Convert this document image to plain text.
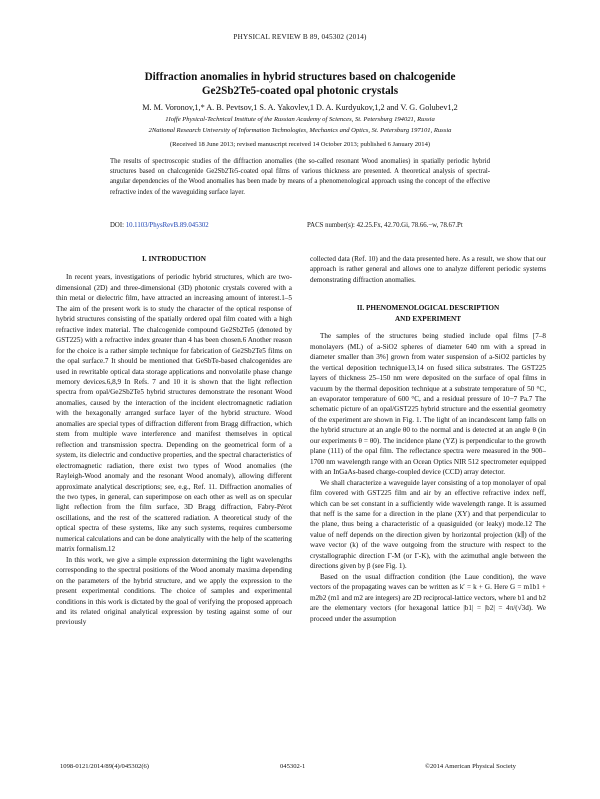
PHYSICAL REVIEW B 89, 045302 (2014)
Diffraction anomalies in hybrid structures based on chalcogenide
Ge2Sb2Te5-coated opal photonic crystals
M. M. Voronov,1,* A. B. Pevtsov,1 S. A. Yakovlev,1 D. A. Kurdyukov,1,2 and V. G. Golubev1,2
1Ioffe Physical-Technical Institute of the Russian Academy of Sciences, St. Petersburg 194021, Russia
2National Research University of Information Technologies, Mechanics and Optics, St. Petersburg 197101, Russia
(Received 18 June 2013; revised manuscript received 14 October 2013; published 6 January 2014)
The results of spectroscopic studies of the diffraction anomalies (the so-called resonant Wood anomalies) in spatially periodic hybrid structures based on chalcogenide Ge2Sb2Te5-coated opal films of various thickness are presented. A theoretical analysis of spectral-angular dependencies of the Wood anomalies has been made by means of a phenomenological approach using the concept of the effective refractive index of the waveguiding surface layer.
DOI: 10.1103/PhysRevB.89.045302	PACS number(s): 42.25.Fx, 42.70.Gi, 78.66.−w, 78.67.Pt
I. INTRODUCTION

In recent years, investigations of periodic hybrid structures, which are two-dimensional (2D) and three-dimensional (3D) photonic crystals covered with a thin metal or dielectric film, have attracted an increasing amount of interest.1–5 The aim of the present work is to study the character of the optical response of hybrid structures consisting of the spatially ordered opal film coated with a high refractive index material. The chalcogenide compound Ge2Sb2Te5 (denoted by GST225) with a refractive index greater than 4 has been chosen.6 Another reason for the choice is a rather simple technique for fabrication of Ge2Sb2Te5 films on the opal surface.7 It should be mentioned that GeSbTe-based chalcogenides are used in rewritable optical data storage applications and nonvolatile phase change memory devices.6,8,9 In Refs. 7 and 10 it is shown that the light reflection spectra from opal/Ge2Sb2Te5 hybrid structures demonstrate the resonant Wood anomalies, caused by the interaction of the incident electromagnetic radiation with the hexagonally arranged surface layer of the hybrid structure. Wood anomalies are special types of diffraction different from Bragg diffraction, which stem from multiple wave interference and manifest themselves in optical reflection and transmission spectra. Depending on the geometrical form of a system, its dielectric and conductive properties, and the spectral characteristics of electromagnetic radiation, there exist two types of Wood anomalies (the Rayleigh-Wood anomaly and the resonant Wood anomaly), allowing different approximate analytical descriptions; see, e.g., Ref. 11. Diffraction anomalies of the two types, in general, can superimpose on each other as well as on specular light reflection from the film surface, 3D Bragg diffraction, Fabry-Pérot oscillations, and the rest of the scattered radiation. A theoretical study of the optical spectra of these systems, like any such systems, requires cumbersome numerical calculations and can be done analytically with the help of the scattering matrix formalism.12

In this work, we give a simple expression determining the light wavelengths corresponding to the spectral positions of the Wood anomaly maxima depending on the parameters of the hybrid structure, and we apply the expression to the present experimental conditions. The choice of samples and experimental conditions in this work is dictated by the goal of verifying the proposed approach and its related original analytical expression by testing against some of our previously

collected data (Ref. 10) and the data presented here. As a result, we show that our approach is rather general and allows one to analyze different periodic systems demonstrating diffraction anomalies.

II. PHENOMENOLOGICAL DESCRIPTION
AND EXPERIMENT

The samples of the structures being studied include opal films [7–8 monolayers (ML) of a-SiO2 spheres of diameter 640 nm with a spread in diameter smaller than 3%] grown from water suspension of a-SiO2 particles by the vertical deposition technique13,14 on fused silica substrates. The GST225 layers of thickness 25–150 nm were deposited on the surface of opal films in vacuum by the thermal deposition technique at a substrate temperature of 50 °C, an evaporator temperature of 600 °C, and a residual pressure of 10−7 Pa.7 The schematic picture of an opal/GST225 hybrid structure and the essential geometry of the experiment are shown in Fig. 1. The light of an incandescent lamp falls on the hybrid structure at an angle θ0 to the normal and is detected at an angle θ (in our experiments θ = θ0). The incidence plane (YZ) is perpendicular to the growth plane (111) of the opal film. The reflectance spectra were measured in the 900–1700 nm wavelength range with an Ocean Optics NIR 512 spectrometer equipped with an InGaAs-based charge-coupled device (CCD) array detector.

We shall characterize a waveguide layer consisting of a top monolayer of opal film covered with GST225 film and air by an effective refractive index neff, which can be set constant in a sufficiently wide wavelength range. It is assumed that neff is the same for a direction in the plane (XY) and that perpendicular to the plane, thus being a characteristic of a quasiguided (or leaky) mode.12 The value of neff depends on the direction given by horizontal projection (k∥) of the wave vector (k) of the wave outgoing from the structure with respect to the crystallographic direction Γ-M (or Γ-K), with the azimuthal angle between the directions given by β (see Fig. 1).

Based on the usual diffraction condition (the Laue condition), the wave vectors of the propagating waves can be written as k′ = k + G. Here G = m1b1 + m2b2 (m1 and m2 are integers) are 2D reciprocal-lattice vectors, where b1 and b2 are the elementary vectors (for hexagonal lattice |b1| = |b2| = 4π/(√3d). We proceed under the assumption

1098-0121/2014/89(4)/045302(6)	045302-1	©2014 American Physical Society
